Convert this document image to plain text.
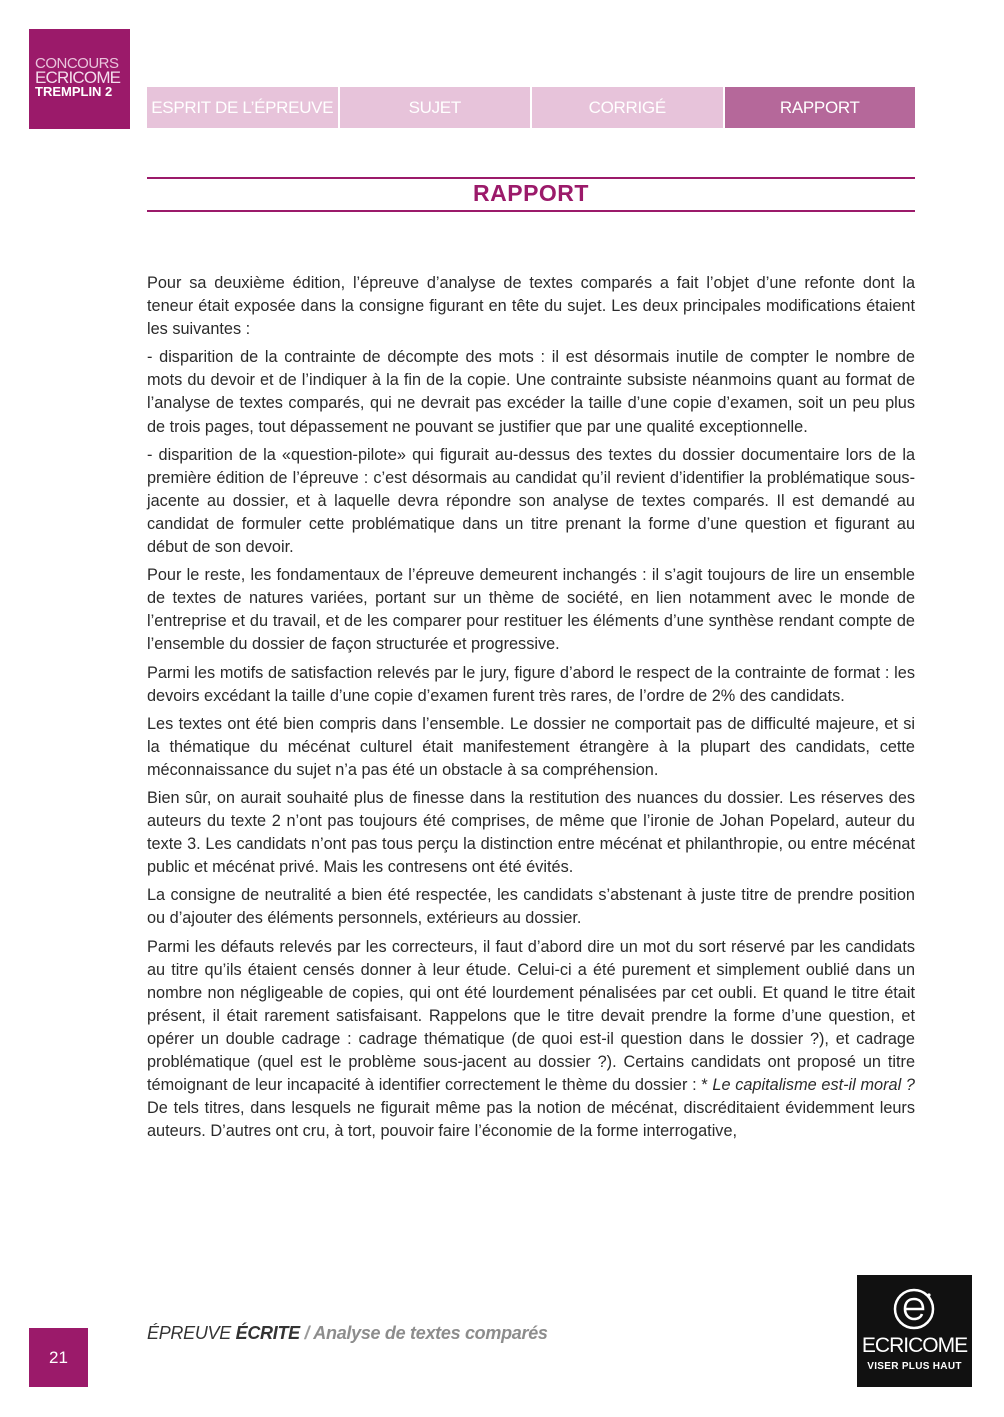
CONCOURS
ECRICOME
TREMPLIN 2
ESPRIT DE L’ÉPREUVE	SUJET	CORRIGÉ	RAPPORT
RAPPORT

Pour sa deuxième édition, l’épreuve d’analyse de textes comparés a fait l’objet d’une refonte dont la teneur était exposée dans la consigne figurant en tête du sujet. Les deux principales modifications étaient les suivantes :

- disparition de la contrainte de décompte des mots : il est désormais inutile de compter le nombre de mots du devoir et de l’indiquer à la fin de la copie. Une contrainte subsiste néanmoins quant au format de l’analyse de textes comparés, qui ne devrait pas excéder la taille d’une copie d’examen, soit un peu plus de trois pages, tout dépassement ne pouvant se justifier que par une qualité exceptionnelle.

- disparition de la «question-pilote» qui figurait au-dessus des textes du dossier documentaire lors de la première édition de l’épreuve : c’est désormais au candidat qu’il revient d’identifier la problématique sous-jacente au dossier, et à laquelle devra répondre son analyse de textes comparés. Il est demandé au candidat de formuler cette problématique dans un titre prenant la forme d’une question et figurant au début de son devoir.

Pour le reste, les fondamentaux de l’épreuve demeurent inchangés : il s’agit toujours de lire un ensemble de textes de natures variées, portant sur un thème de société, en lien notamment avec le monde de l’entreprise et du travail, et de les comparer pour restituer les éléments d’une synthèse rendant compte de l’ensemble du dossier de façon structurée et progressive.

Parmi les motifs de satisfaction relevés par le jury, figure d’abord le respect de la contrainte de format : les devoirs excédant la taille d’une copie d’examen furent très rares, de l’ordre de 2% des candidats.

Les textes ont été bien compris dans l’ensemble. Le dossier ne comportait pas de difficulté majeure, et si la thématique du mécénat culturel était manifestement étrangère à la plupart des candidats, cette méconnaissance du sujet n’a pas été un obstacle à sa compréhension.

Bien sûr, on aurait souhaité plus de finesse dans la restitution des nuances du dossier. Les réserves des auteurs du texte 2 n’ont pas toujours été comprises, de même que l’ironie de Johan Popelard, auteur du texte 3. Les candidats n’ont pas tous perçu la distinction entre mécénat et philanthropie, ou entre mécénat public et mécénat privé. Mais les contresens ont été évités.

La consigne de neutralité a bien été respectée, les candidats s’abstenant à juste titre de prendre position ou d’ajouter des éléments personnels, extérieurs au dossier.

Parmi les défauts relevés par les correcteurs, il faut d’abord dire un mot du sort réservé par les candidats au titre qu’ils étaient censés donner à leur étude. Celui-ci a été purement et simplement oublié dans un nombre non négligeable de copies, qui ont été lourdement pénalisées par cet oubli. Et quand le titre était présent, il était rarement satisfaisant. Rappelons que le titre devait prendre la forme d’une question, et opérer un double cadrage : cadrage thématique (de quoi est-il question dans le dossier ?), et cadrage problématique (quel est le problème sous-jacent au dossier ?). Certains candidats ont proposé un titre témoignant de leur incapacité à identifier correctement le thème du dossier : * Le capitalisme est-il moral ? De tels titres, dans lesquels ne figurait même pas la notion de mécénat, discréditaient évidemment leurs auteurs. D’autres ont cru, à tort, pouvoir faire l’économie de la forme interrogative,

ÉPREUVE ÉCRITE / Analyse de textes comparés
21	ECRICOME
VISER PLUS HAUT
